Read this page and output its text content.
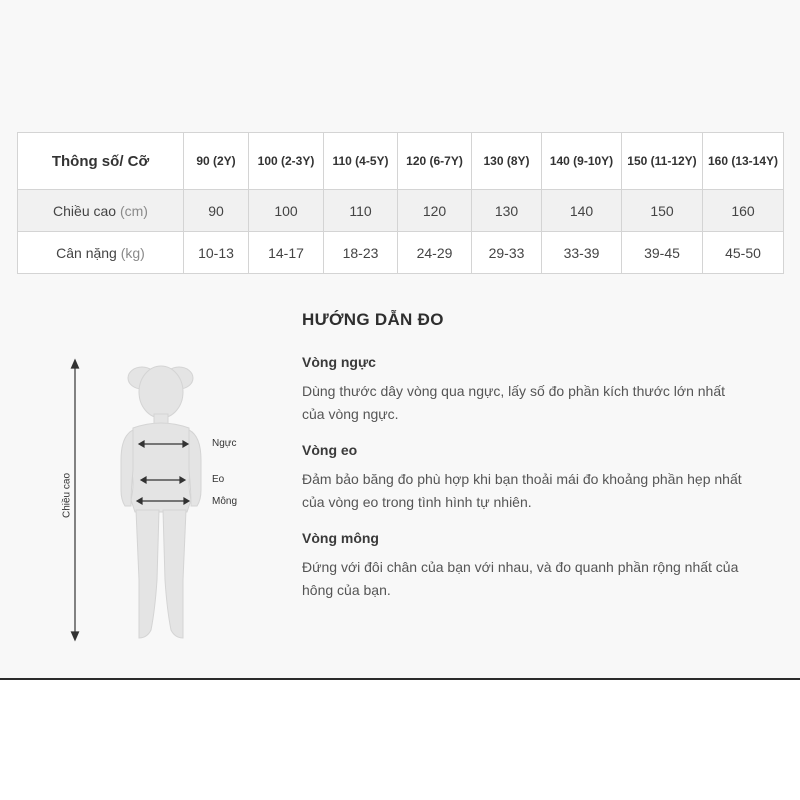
Thông số/ Cỡ	90 (2Y)	100 (2-3Y)	110 (4-5Y)	120 (6-7Y)	130 (8Y)	140 (9-10Y)	150 (11-12Y)	160 (13-14Y)
Chiều cao (cm)	90	100	110	120	130	140	150	160
Cân nặng (kg)	10-13	14-17	18-23	24-29	29-33	33-39	39-45	45-50
Chiều cao
Ngực
Eo
Mông
HƯỚNG DẪN ĐO
Vòng ngực
Dùng thước dây vòng qua ngực, lấy số đo phần kích thước lớn nhất của vòng ngực.
Vòng eo
Đảm bảo băng đo phù hợp khi bạn thoải mái đo khoảng phần hẹp nhất của vòng eo trong tình hình tự nhiên.
Vòng mông
Đứng với đôi chân của bạn với nhau, và đo quanh phần rộng nhất của hông của bạn.
